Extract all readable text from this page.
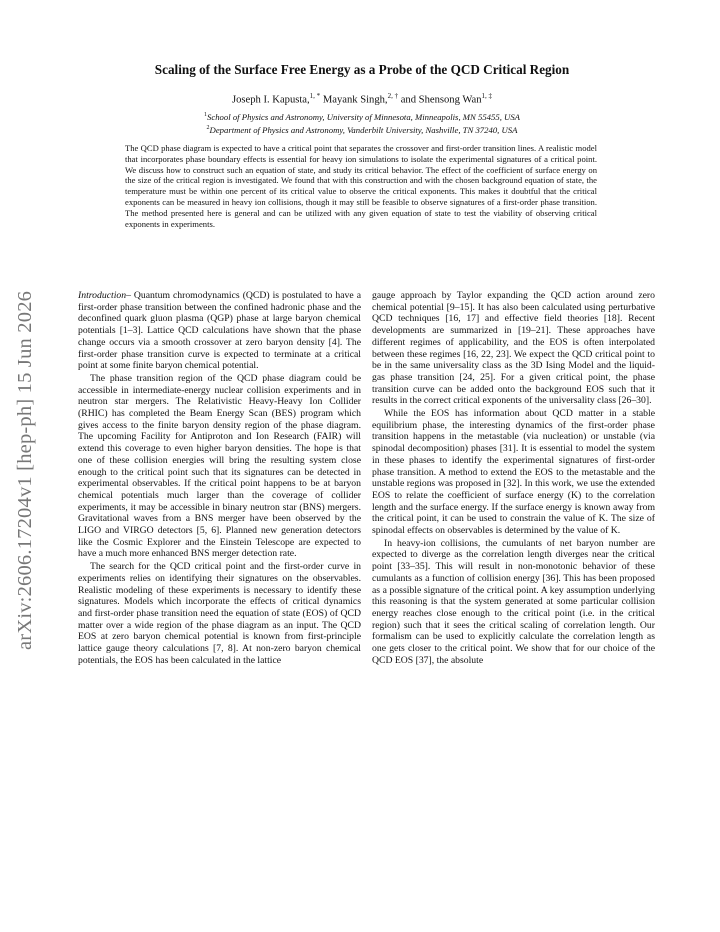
arXiv:2606.17204v1 [hep-ph] 15 Jun 2026
Scaling of the Surface Free Energy as a Probe of the QCD Critical Region
Joseph I. Kapusta,$^{1, *}$ Mayank Singh,$^{2, \dagger}$ and Shensong Wan$^{1, \ddagger}$
$^1$School of Physics and Astronomy, University of Minnesota, Minneapolis, MN 55455, USA
$^2$Department of Physics and Astronomy, Vanderbilt University, Nashville, TN 37240, USA
The QCD phase diagram is expected to have a critical point that separates the crossover and first-order transition lines. A realistic model that incorporates phase boundary effects is essential for heavy ion simulations to isolate the experimental signatures of a critical point. We discuss how to construct such an equation of state, and study its critical behavior. The effect of the coefficient of surface energy on the size of the critical region is investigated. We found that with this construction and with the chosen background equation of state, the temperature must be within one percent of its critical value to observe the critical exponents. This makes it doubtful that the critical exponents can be measured in heavy ion collisions, though it may still be feasible to observe signatures of a first-order phase transition. The method presented here is general and can be utilized with any given equation of state to test the viability of observing critical exponents in experiments.

Introduction– Quantum chromodynamics (QCD) is postulated to have a first-order phase transition between the confined hadronic phase and the deconfined quark gluon plasma (QGP) phase at large baryon chemical potentials [1–3]. Lattice QCD calculations have shown that the phase change occurs via a smooth crossover at zero baryon density [4]. The first-order phase transition curve is expected to terminate at a critical point at some finite baryon chemical potential.

The phase transition region of the QCD phase diagram could be accessible in intermediate-energy nuclear collision experiments and in neutron star mergers. The Relativistic Heavy-Heavy Ion Collider (RHIC) has completed the Beam Energy Scan (BES) program which gives access to the finite baryon density region of the phase diagram. The upcoming Facility for Antiproton and Ion Research (FAIR) will extend this coverage to even higher baryon densities. The hope is that one of these collision energies will bring the resulting system close enough to the critical point such that its signatures can be detected in experimental observables. If the critical point happens to be at baryon chemical potentials much larger than the coverage of collider experiments, it may be accessible in binary neutron star (BNS) mergers. Gravitational waves from a BNS merger have been observed by the LIGO and VIRGO detectors [5, 6]. Planned new generation detectors like the Cosmic Explorer and the Einstein Telescope are expected to have a much more enhanced BNS merger detection rate.

The search for the QCD critical point and the first-order curve in experiments relies on identifying their signatures on the observables. Realistic modeling of these experiments is necessary to identify these signatures. Models which incorporate the effects of critical dynamics and first-order phase transition need the equation of state (EOS) of QCD matter over a wide region of the phase diagram as an input. The QCD EOS at zero baryon chemical potential is known from first-principle lattice gauge theory calculations [7, 8]. At non-zero baryon chemical potentials, the EOS has been calculated in the lattice

gauge approach by Taylor expanding the QCD action around zero chemical potential [9–15]. It has also been calculated using perturbative QCD techniques [16, 17] and effective field theories [18]. Recent developments are summarized in [19–21]. These approaches have different regimes of applicability, and the EOS is often interpolated between these regimes [16, 22, 23]. We expect the QCD critical point to be in the same universality class as the 3D Ising Model and the liquid-gas phase transition [24, 25]. For a given critical point, the phase transition curve can be added onto the background EOS such that it results in the correct critical exponents of the universality class [26–30].

While the EOS has information about QCD matter in a stable equilibrium phase, the interesting dynamics of the first-order phase transition happens in the metastable (via nucleation) or unstable (via spinodal decomposition) phases [31]. It is essential to model the system in these phases to identify the experimental signatures of first-order phase transition. A method to extend the EOS to the metastable and the unstable regions was proposed in [32]. In this work, we use the extended EOS to relate the coefficient of surface energy (K) to the correlation length and the surface energy. If the surface energy is known away from the critical point, it can be used to constrain the value of K. The size of spinodal effects on observables is determined by the value of K.

In heavy-ion collisions, the cumulants of net baryon number are expected to diverge as the correlation length diverges near the critical point [33–35]. This will result in non-monotonic behavior of these cumulants as a function of collision energy [36]. This has been proposed as a possible signature of the critical point. A key assumption underlying this reasoning is that the system generated at some particular collision energy reaches close enough to the critical point (i.e. in the critical region) such that it sees the critical scaling of correlation length. Our formalism can be used to explicitly calculate the correlation length as one gets closer to the critical point. We show that for our choice of the QCD EOS [37], the absolute
